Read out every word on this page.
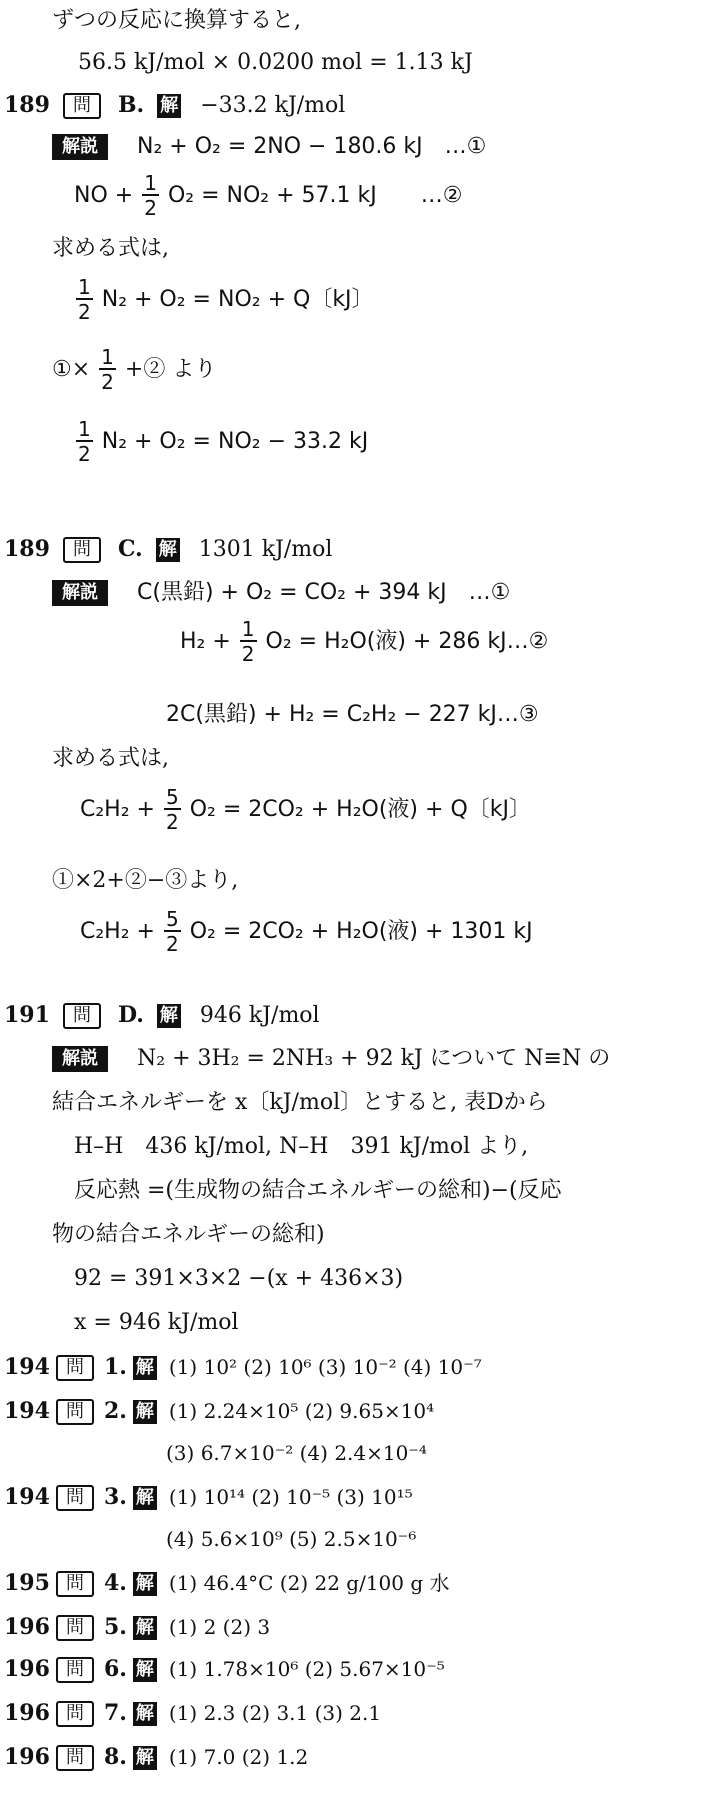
ずつの反応に換算すると,
56.5 kJ/mol × 0.0200 mol = 1.13 kJ
189 問 B. 解 −33.2 kJ/mol
解説 N₂ + O₂ = 2NO − 180.6 kJ　…①
NO + $\frac{1}{2} O_2 = NO_2 + 57.1$ kJ　　…②
求める式は,
$\frac{1}{2} N_2 + O_2 = NO_2 + Q$〔kJ〕
①× $\frac{1}{2}$ +② より
$\frac{1}{2} N_2 + O_2 = NO_2 - 33.2$ kJ
189 問 C. 解 1301 kJ/mol
解説 C(黒鉛) + O₂ = CO₂ + 394 kJ　…①
$H_2 + \frac{1}{2} O_2 = H_2O$(液) + 286 kJ…②
2C(黒鉛) + H₂ = C₂H₂ − 227 kJ…③
求める式は,
$C_2H_2 + \frac{5}{2} O_2 = 2CO_2 + H_2O$(液) + Q〔kJ〕
①×2+②−③より,
$C_2H_2 + \frac{5}{2} O_2 = 2CO_2 + H_2O$(液) + 1301 kJ
191 問 D. 解 946 kJ/mol
解説 N₂ + 3H₂ = 2NH₃ + 92 kJ について N≡N の
結合エネルギーを x〔kJ/mol〕とすると, 表Dから
H–H　436 kJ/mol, N–H　391 kJ/mol より,
反応熱 =(生成物の結合エネルギーの総和)−(反応
物の結合エネルギーの総和)
92 = 391×3×2 −(x + 436×3)
x = 946 kJ/mol
194 問 1. 解 (1) 10² (2) 10⁶ (3) 10⁻² (4) 10⁻⁷
194 問 2. 解 (1) 2.24×10⁵ (2) 9.65×10⁴
(3) 6.7×10⁻² (4) 2.4×10⁻⁴
194 問 3. 解 (1) 10¹⁴ (2) 10⁻⁵ (3) 10¹⁵
(4) 5.6×10⁹ (5) 2.5×10⁻⁶
195 問 4. 解 (1) 46.4°C (2) 22 g/100 g 水
196 問 5. 解 (1) 2 (2) 3
196 問 6. 解 (1) 1.78×10⁶ (2) 5.67×10⁻⁵
196 問 7. 解 (1) 2.3 (2) 3.1 (3) 2.1
196 問 8. 解 (1) 7.0 (2) 1.2
